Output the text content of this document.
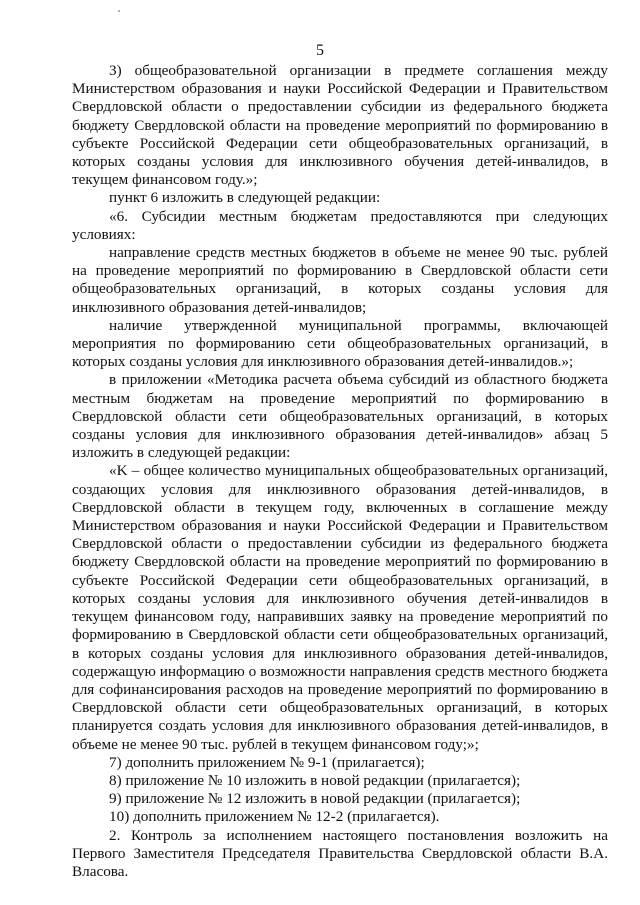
5

3) общеобразовательной организации в предмете соглашения между Министерством образования и науки Российской Федерации и Правительством Свердловской области о предоставлении субсидии из федерального бюджета бюджету Свердловской области на проведение мероприятий по формированию в субъекте Российской Федерации сети общеобразовательных организаций, в которых созданы условия для инклюзивного обучения детей-инвалидов, в текущем финансовом году.»;

пункт 6 изложить в следующей редакции:

«6. Субсидии местным бюджетам предоставляются при следующих условиях:

направление средств местных бюджетов в объеме не менее 90 тыс. рублей на проведение мероприятий по формированию в Свердловской области сети общеобразовательных организаций, в которых созданы условия для инклюзивного образования детей-инвалидов;

наличие утвержденной муниципальной программы, включающей мероприятия по формированию сети общеобразовательных организаций, в которых созданы условия для инклюзивного образования детей-инвалидов.»;

в приложении «Методика расчета объема субсидий из областного бюджета местным бюджетам на проведение мероприятий по формированию в Свердловской области сети общеобразовательных организаций, в которых созданы условия для инклюзивного образования детей-инвалидов» абзац 5 изложить в следующей редакции:

«K – общее количество муниципальных общеобразовательных организаций, создающих условия для инклюзивного образования детей-инвалидов, в Свердловской области в текущем году, включенных в соглашение между Министерством образования и науки Российской Федерации и Правительством Свердловской области о предоставлении субсидии из федерального бюджета бюджету Свердловской области на проведение мероприятий по формированию в субъекте Российской Федерации сети общеобразовательных организаций, в которых созданы условия для инклюзивного обучения детей-инвалидов в текущем финансовом году, направивших заявку на проведение мероприятий по формированию в Свердловской области сети общеобразовательных организаций, в которых созданы условия для инклюзивного образования детей-инвалидов, содержащую информацию о возможности направления средств местного бюджета для софинансирования расходов на проведение мероприятий по формированию в Свердловской области сети общеобразовательных организаций, в которых планируется создать условия для инклюзивного образования детей-инвалидов, в объеме не менее 90 тыс. рублей в текущем финансовом году;»;

7) дополнить приложением № 9-1 (прилагается);

8) приложение № 10 изложить в новой редакции (прилагается);

9) приложение № 12 изложить в новой редакции (прилагается);

10) дополнить приложением № 12-2 (прилагается).

2. Контроль за исполнением настоящего постановления возложить на Первого Заместителя Председателя Правительства Свердловской области В.А. Власова.
